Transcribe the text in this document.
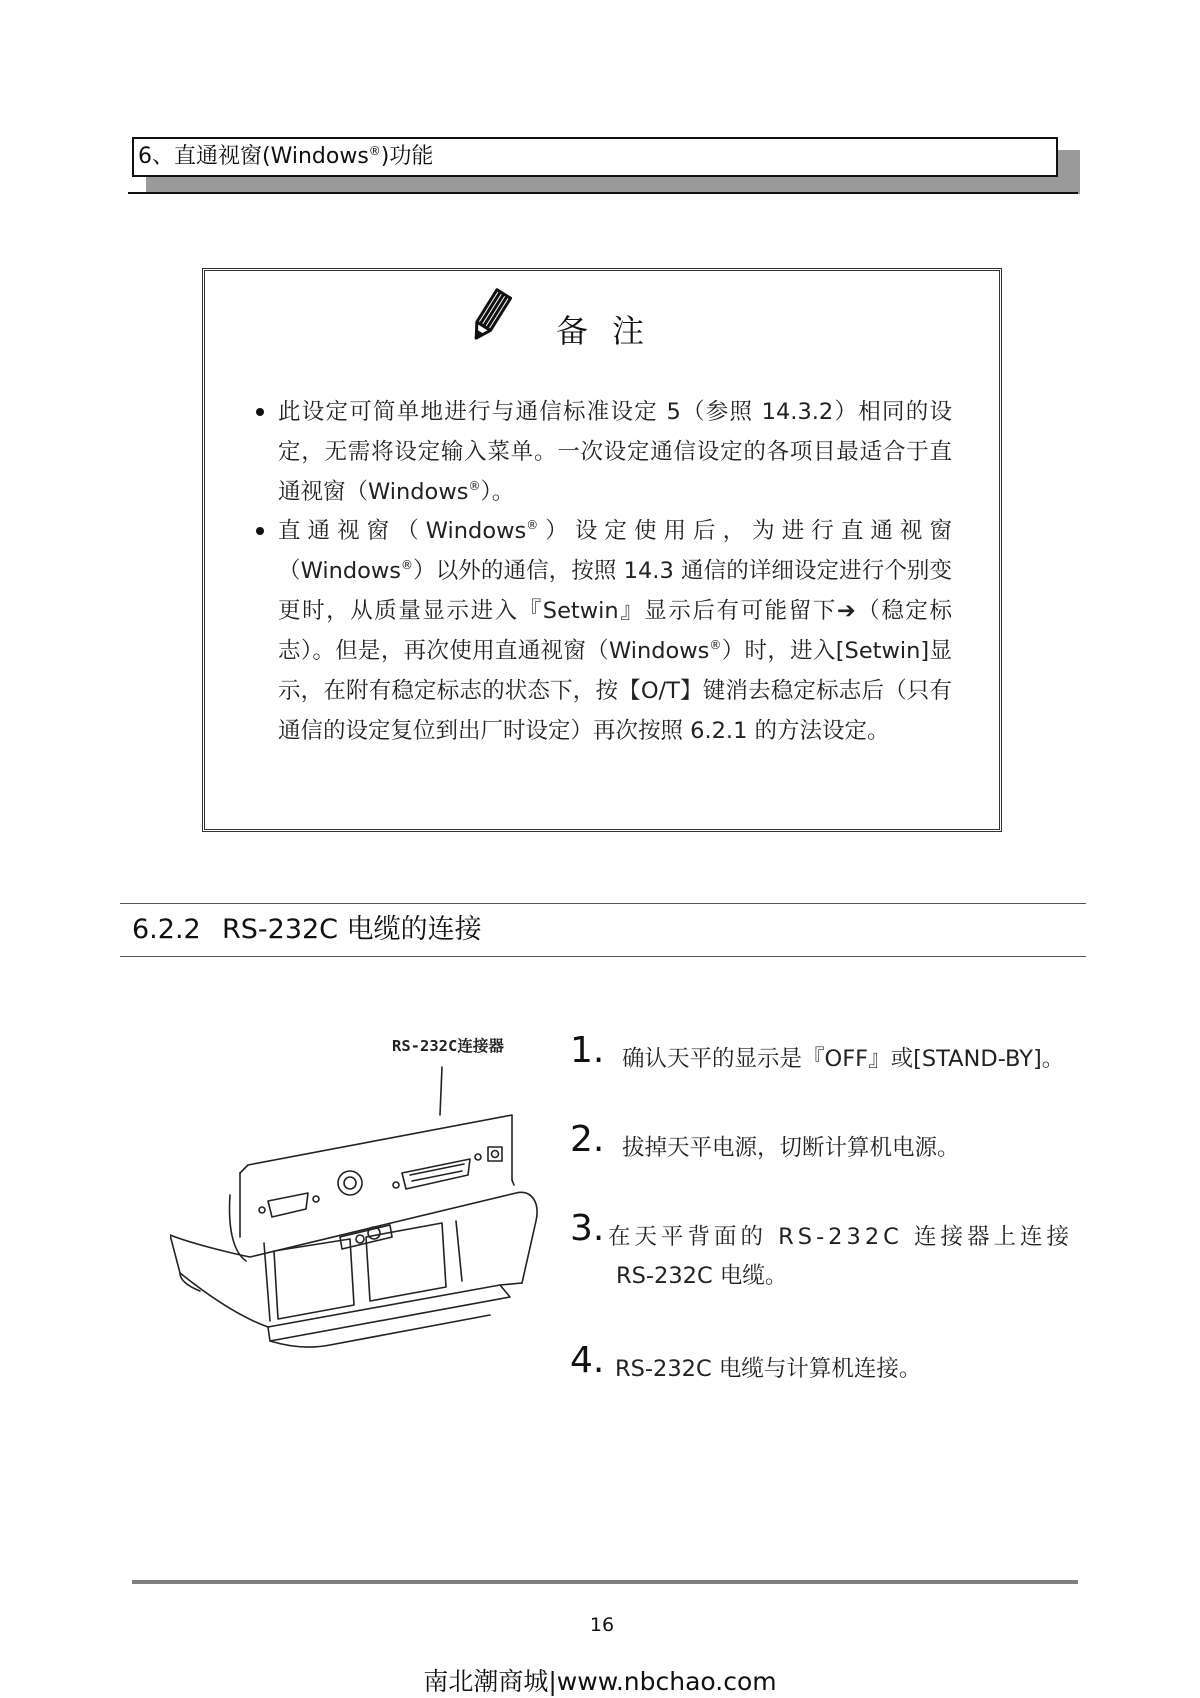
6、直通视窗(Windows®)功能
备注
此设定可简单地进行与通信标准设定 5（参照 14.3.2）相同的设定，无需将设定输入菜单。一次设定通信设定的各项目最适合于直通视窗（Windows®）。
直通视窗（Windows®）设定使用后，为进行直通视窗（Windows®）以外的通信，按照 14.3 通信的详细设定进行个别变更时，从质量显示进入『Setwin』显示后有可能留下➔（稳定标志）。但是，再次使用直通视窗（Windows®）时，进入[Setwin]显示，在附有稳定标志的状态下，按【O/T】键消去稳定标志后（只有通信的设定复位到出厂时设定）再次按照 6.2.1 的方法设定。
6.2.2 RS-232C 电缆的连接
RS-232C连接器 1. 确认天平的显示是『OFF』或[STAND-BY]。
2. 拔掉天平电源，切断计算机电源。
3. 在天平背面的 RS-232C 连接器上连接
RS-232C 电缆。
4. RS-232C 电缆与计算机连接。
16
南北潮商城|www.nbchao.com
